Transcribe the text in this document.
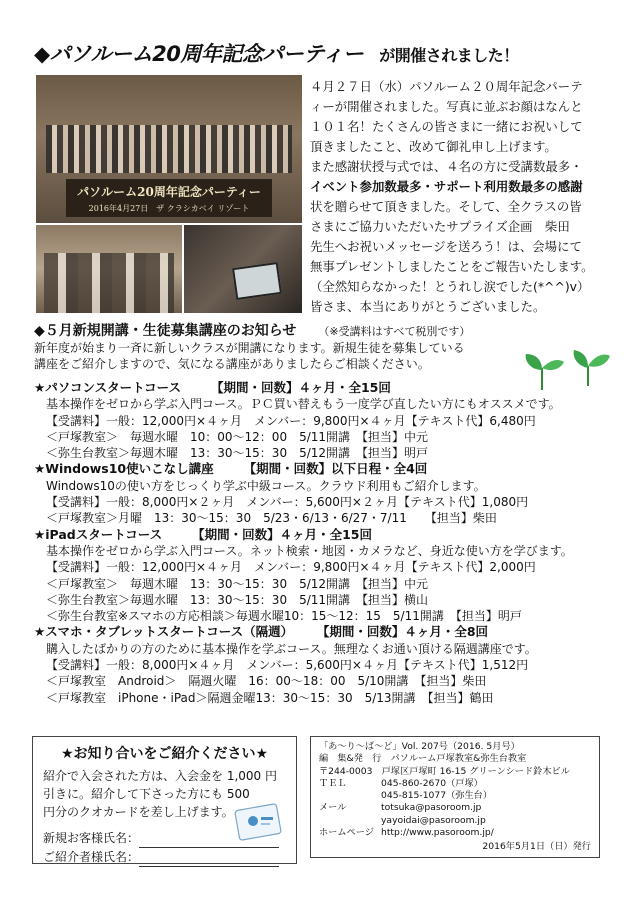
◆パソルーム20周年記念パーティー が開催されました！
パソルーム20周年記念パーティー
2016年4月27日　ザ クラシカベイ リゾート
４月２７日（水）パソルーム２０周年記念パーテ
ィーが開催されました。写真に並ぶお顔はなんと
１０１名！たくさんの皆さまに一緒にお祝いして
頂きましたこと、改めて御礼申し上げます。
また感謝状授与式では、４名の方に受講数最多・
イベント参加数最多・サポート利用数最多の感謝
状を贈らせて頂きました。そして、全クラスの皆
さまにご協力いただいたサプライズ企画　柴田
先生へお祝いメッセージを送ろう！は、会場にて
無事プレゼントしましたことをご報告いたします。
（全然知らなかった！とうれし涙でした(*^^)v）
皆さま、本当にありがとうございました。
◆５月新規開講・生徒募集講座のお知らせ （※受講料はすべて税別です）
新年度が始まり一斉に新しいクラスが開講になります。新規生徒を募集している
講座をご紹介しますので、気になる講座がありましたらご相談ください。
★パソコンスタートコース 【期間・回数】４ヶ月・全15回
基本操作をゼロから学ぶ入門コース。ＰＣ買い替えもう一度学び直したい方にもオススメです。
【受講料】一般：12,000円×４ヶ月　メンバー：9,800円×４ヶ月【テキスト代】6,480円
＜戸塚教室＞　毎週水曜　10：00～12：00　5/11開講　【担当】中元
＜弥生台教室＞毎週木曜　13：30～15：30　5/12開講　【担当】明戸
★Windows10使いこなし講座 【期間・回数】以下日程・全4回
Windows10の使い方をじっくり学ぶ中級コース。クラウド利用もご紹介します。
【受講料】一般：8,000円×２ヶ月　メンバー：5,600円×２ヶ月【テキスト代】1,080円
＜戸塚教室＞月曜　13：30～15：30　5/23・6/13・6/27・7/11　　【担当】柴田
★iPadスタートコース 【期間・回数】４ヶ月・全15回
基本操作をゼロから学ぶ入門コース。ネット検索・地図・カメラなど、身近な使い方を学びます。
【受講料】一般：12,000円×４ヶ月　メンバー：9,800円×４ヶ月【テキスト代】2,000円
＜戸塚教室＞　毎週木曜　13：30～15：30　5/12開講　【担当】中元
＜弥生台教室＞毎週水曜　13：30～15：30　5/11開講　【担当】横山
＜弥生台教室※スマホの方応相談＞毎週水曜10：15～12：15　5/11開講　【担当】明戸
★スマホ・タブレットスタートコース（隔週） 【期間・回数】４ヶ月・全8回
購入したばかりの方のために基本操作を学ぶコース。無理なくお通い頂ける隔週講座です。
【受講料】一般：8,000円×４ヶ月　メンバー：5,600円×４ヶ月【テキスト代】1,512円
＜戸塚教室　Android＞　隔週火曜　16：00～18：00　5/10開講　【担当】柴田
＜戸塚教室　iPhone・iPad＞隔週金曜13：30～15：30　5/13開講　【担当】鶴田
★お知り合いをご紹介ください★
紹介で入会された方は、入会金を 1,000 円
引きに。紹介して下さった方にも 500
円分のクオカードを差し上げます。
新規お客様氏名：
ご紹介者様氏名：
「あ～り～ば～ど」Vol. 207号（2016. 5月号）
編　集&発　行　パソルーム戸塚教室&弥生台教室
〒244-0003　戸塚区戸塚町 16-15 グリーンシード鈴木ビル
ＴＥＬ	045-860-2670（戸塚）
045-815-1077（弥生台）
メール	totsuka@pasoroom.jp
yayoidai@pasoroom.jp
ホームページ http://www.pasoroom.jp/
2016年5月1日（日）発行
